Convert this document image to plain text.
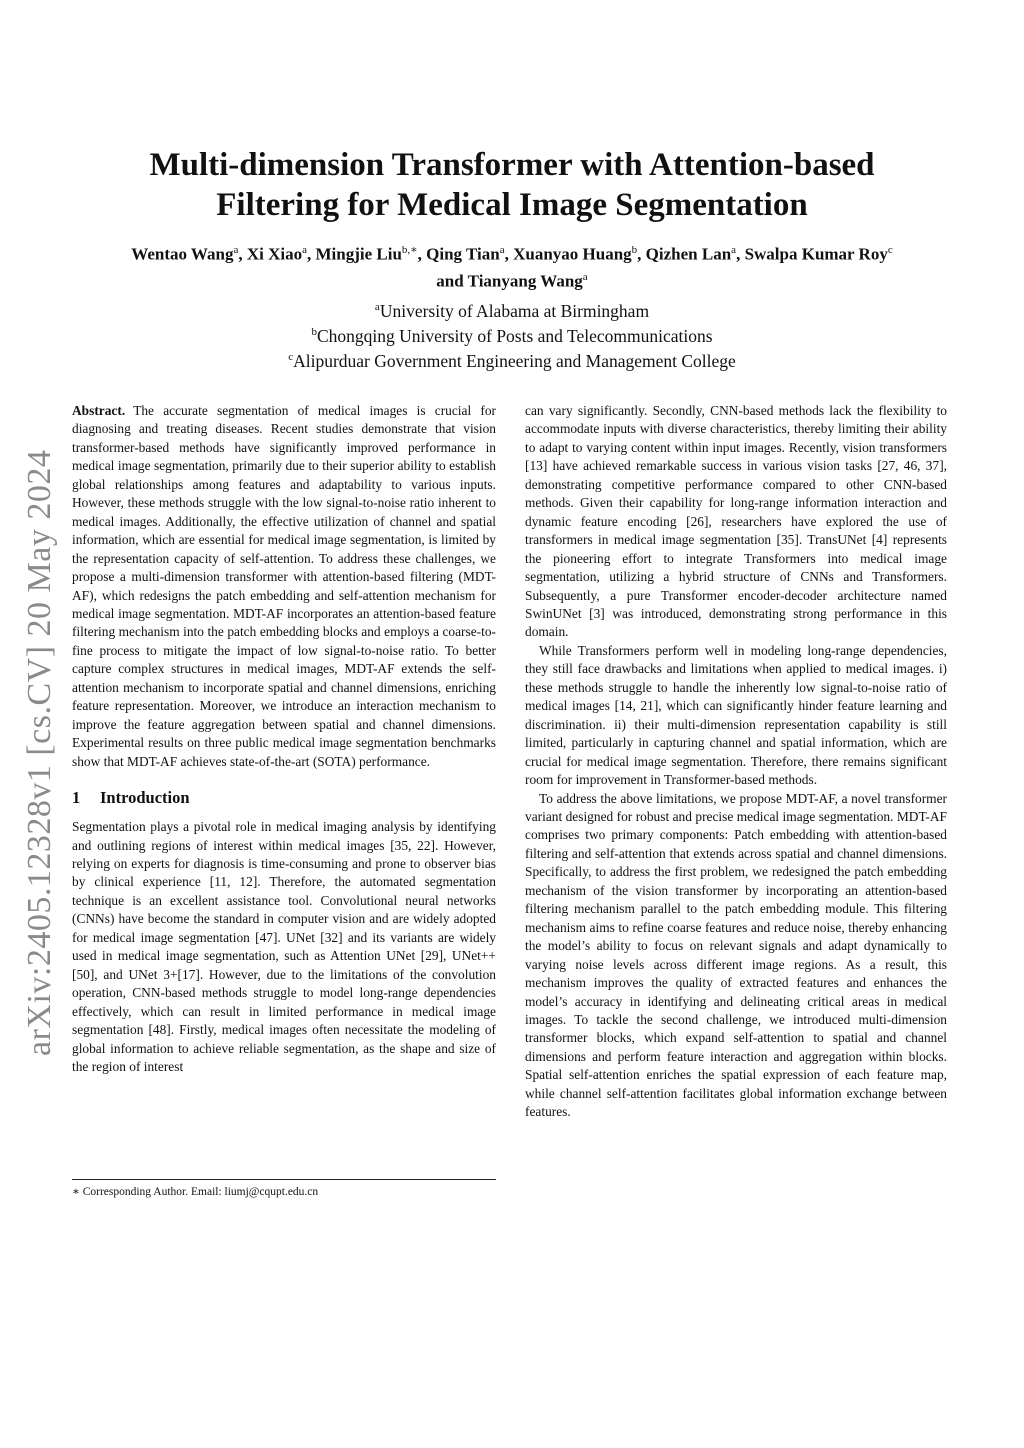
arXiv:2405.12328v1 [cs.CV] 20 May 2024
Multi-dimension Transformer with Attention-based
Filtering for Medical Image Segmentation
Wentao Wang$^a$, Xi Xiao$^a$, Mingjie Liu$^{b,∗}$, Qing Tian$^a$, Xuanyao Huang$^b$, Qizhen Lan$^a$, Swalpa Kumar Roy$^c$
and Tianyang Wang$^a$
$^a$University of Alabama at Birmingham
$^b$Chongqing University of Posts and Telecommunications
$^c$Alipurduar Government Engineering and Management College

Abstract. The accurate segmentation of medical images is crucial for diagnosing and treating diseases. Recent studies demonstrate that vision transformer-based methods have significantly improved performance in medical image segmentation, primarily due to their superior ability to establish global relationships among features and adaptability to various inputs. However, these methods struggle with the low signal-to-noise ratio inherent to medical images. Additionally, the effective utilization of channel and spatial information, which are essential for medical image segmentation, is limited by the representation capacity of self-attention. To address these challenges, we propose a multi-dimension transformer with attention-based filtering (MDT-AF), which redesigns the patch embedding and self-attention mechanism for medical image segmentation. MDT-AF incorporates an attention-based feature filtering mechanism into the patch embedding blocks and employs a coarse-to-fine process to mitigate the impact of low signal-to-noise ratio. To better capture complex structures in medical images, MDT-AF extends the self-attention mechanism to incorporate spatial and channel dimensions, enriching feature representation. Moreover, we introduce an interaction mechanism to improve the feature aggregation between spatial and channel dimensions. Experimental results on three public medical image segmentation benchmarks show that MDT-AF achieves state-of-the-art (SOTA) performance.

1 Introduction

Segmentation plays a pivotal role in medical imaging analysis by identifying and outlining regions of interest within medical images [35, 22]. However, relying on experts for diagnosis is time-consuming and prone to observer bias by clinical experience [11, 12]. Therefore, the automated segmentation technique is an excellent assistance tool. Convolutional neural networks (CNNs) have become the standard in computer vision and are widely adopted for medical image segmentation [47]. UNet [32] and its variants are widely used in medical image segmentation, such as Attention UNet [29], UNet++[50], and UNet 3+[17]. However, due to the limitations of the convolution operation, CNN-based methods struggle to model long-range dependencies effectively, which can result in limited performance in medical image segmentation [48]. Firstly, medical images often necessitate the modeling of global information to achieve reliable segmentation, as the shape and size of the region of interest

can vary significantly. Secondly, CNN-based methods lack the flexibility to accommodate inputs with diverse characteristics, thereby limiting their ability to adapt to varying content within input images. Recently, vision transformers [13] have achieved remarkable success in various vision tasks [27, 46, 37], demonstrating competitive performance compared to other CNN-based methods. Given their capability for long-range information interaction and dynamic feature encoding [26], researchers have explored the use of transformers in medical image segmentation [35]. TransUNet [4] represents the pioneering effort to integrate Transformers into medical image segmentation, utilizing a hybrid structure of CNNs and Transformers. Subsequently, a pure Transformer encoder-decoder architecture named SwinUNet [3] was introduced, demonstrating strong performance in this domain.

While Transformers perform well in modeling long-range dependencies, they still face drawbacks and limitations when applied to medical images. i) these methods struggle to handle the inherently low signal-to-noise ratio of medical images [14, 21], which can significantly hinder feature learning and discrimination. ii) their multi-dimension representation capability is still limited, particularly in capturing channel and spatial information, which are crucial for medical image segmentation. Therefore, there remains significant room for improvement in Transformer-based methods.

To address the above limitations, we propose MDT-AF, a novel transformer variant designed for robust and precise medical image segmentation. MDT-AF comprises two primary components: Patch embedding with attention-based filtering and self-attention that extends across spatial and channel dimensions. Specifically, to address the first problem, we redesigned the patch embedding mechanism of the vision transformer by incorporating an attention-based filtering mechanism parallel to the patch embedding module. This filtering mechanism aims to refine coarse features and reduce noise, thereby enhancing the model’s ability to focus on relevant signals and adapt dynamically to varying noise levels across different image regions. As a result, this mechanism improves the quality of extracted features and enhances the model’s accuracy in identifying and delineating critical areas in medical images. To tackle the second challenge, we introduced multi-dimension transformer blocks, which expand self-attention to spatial and channel dimensions and perform feature interaction and aggregation within blocks. Spatial self-attention enriches the spatial expression of each feature map, while channel self-attention facilitates global information exchange between features.

∗ Corresponding Author. Email: liumj@cqupt.edu.cn
